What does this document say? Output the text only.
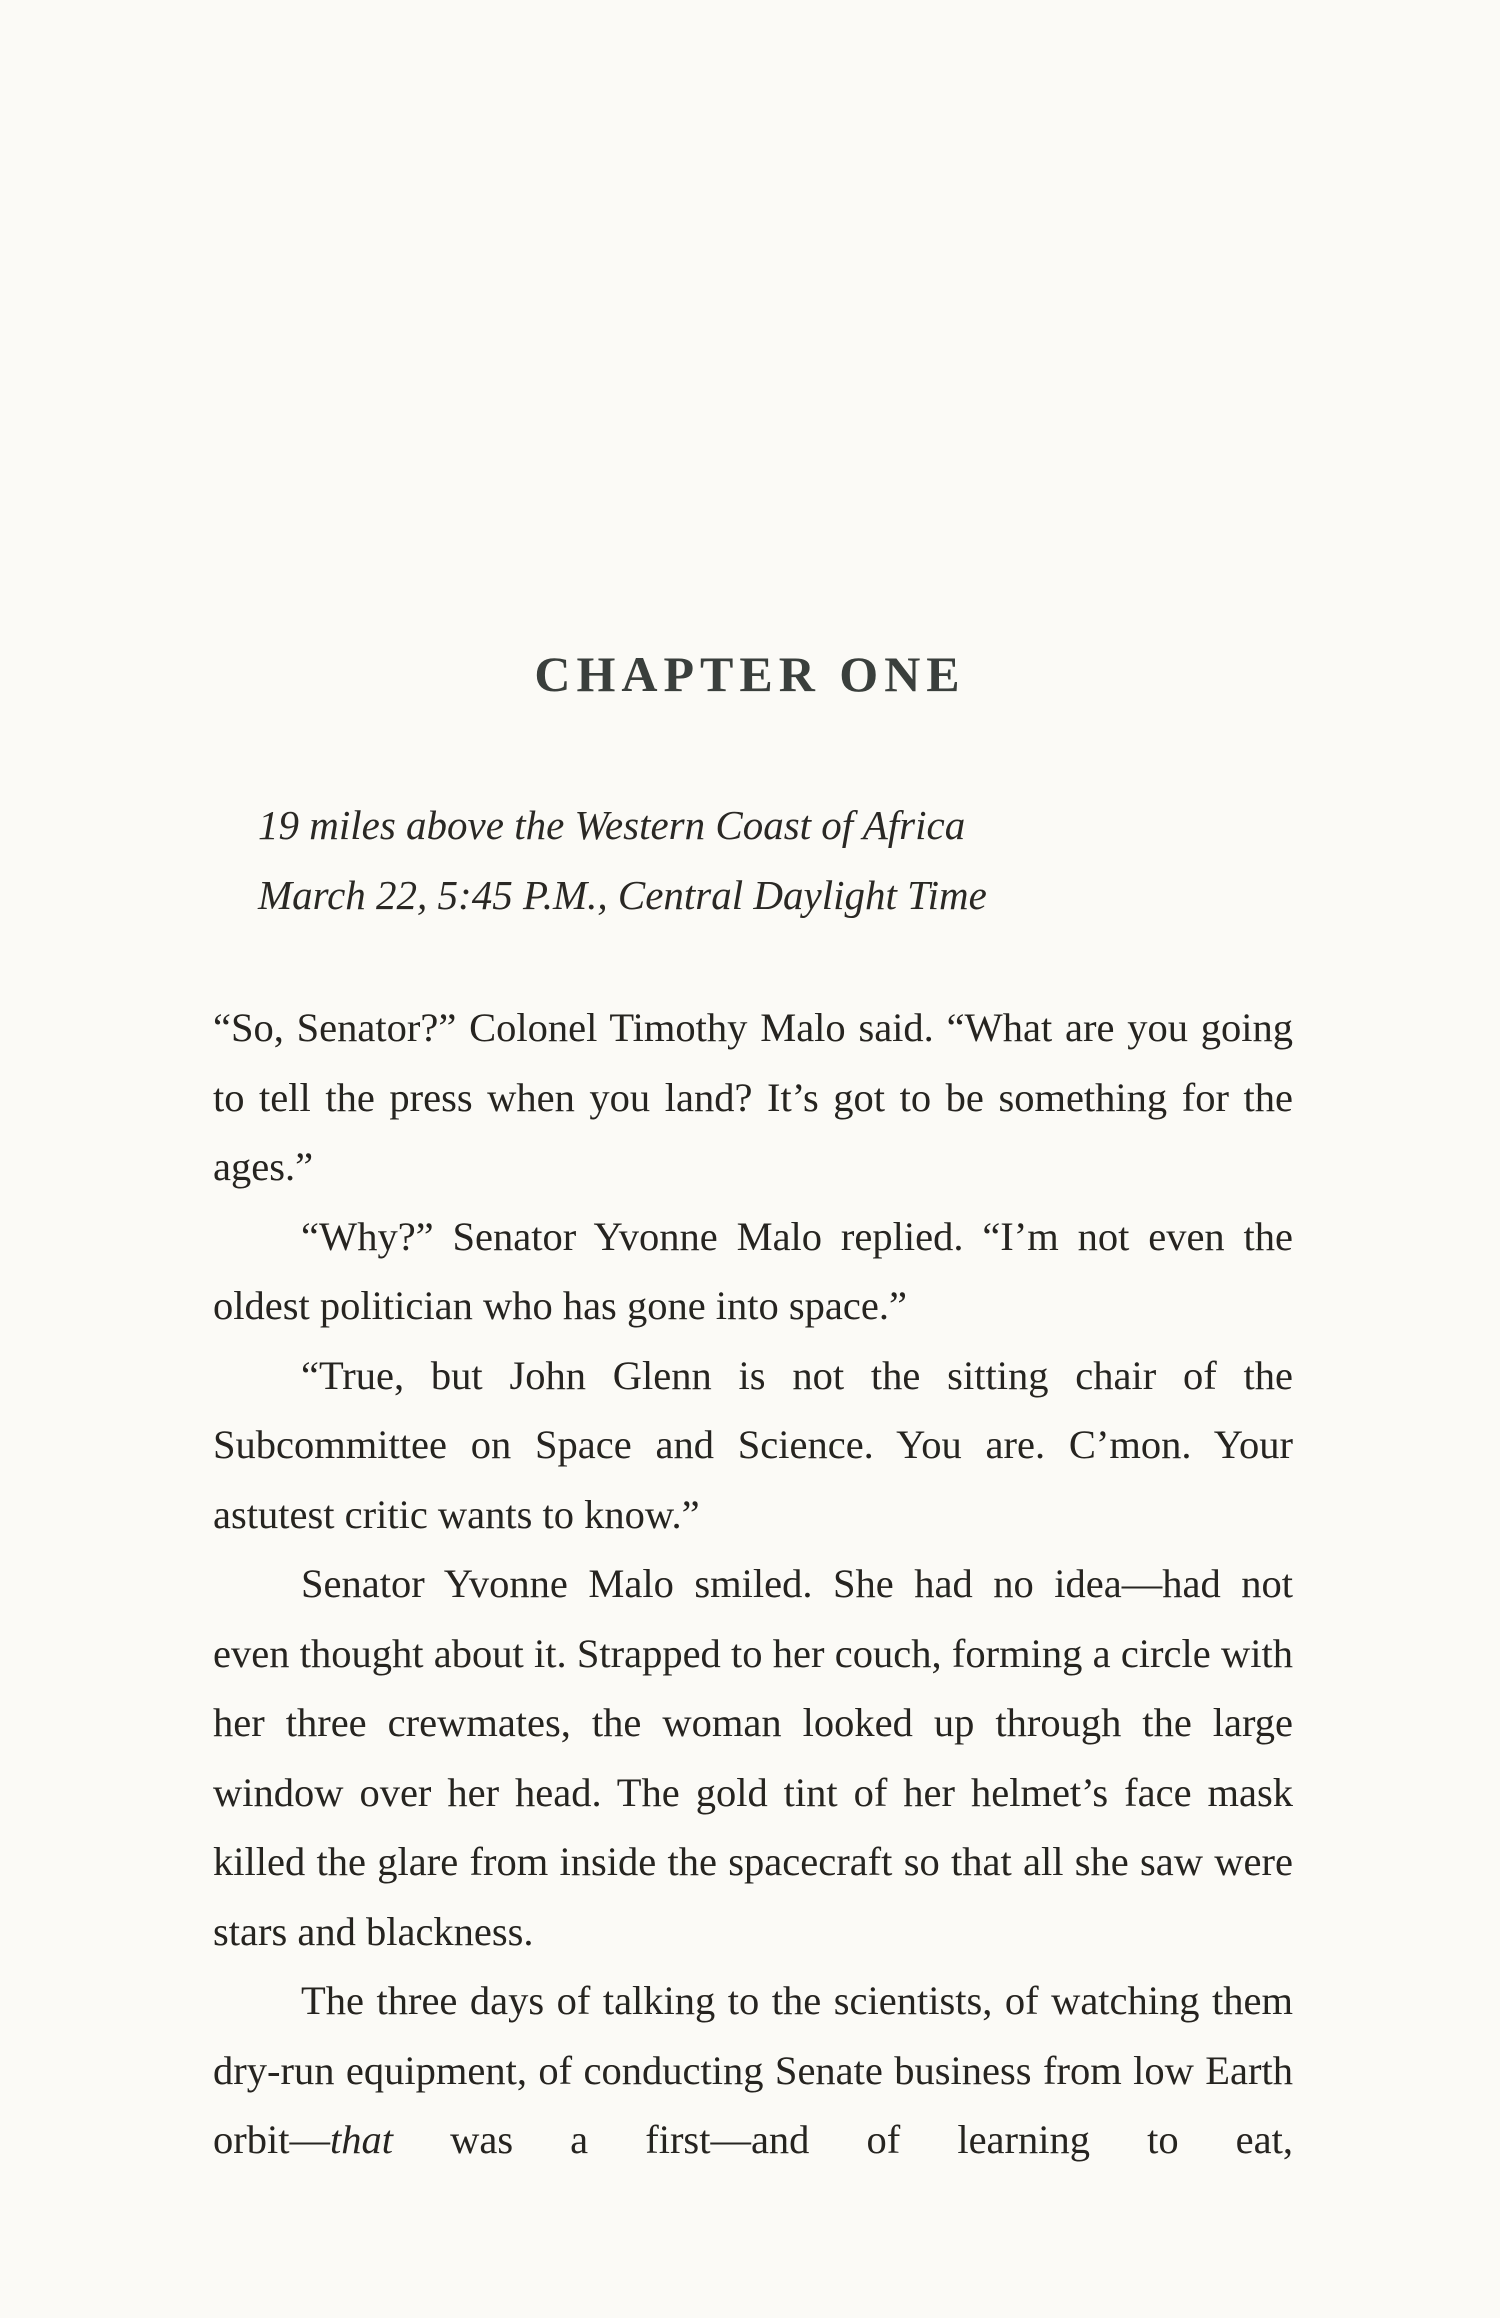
CHAPTER ONE
19 miles above the Western Coast of Africa
March 22, 5:45 P.M., Central Daylight Time

“So, Senator?” Colonel Timothy Malo said. “What are you going to tell the press when you land? It’s got to be something for the ages.”

“Why?” Senator Yvonne Malo replied. “I’m not even the oldest politician who has gone into space.”

“True, but John Glenn is not the sitting chair of the Subcommittee on Space and Science. You are. C’mon. Your astutest critic wants to know.”

Senator Yvonne Malo smiled. She had no idea—had not even thought about it. Strapped to her couch, forming a circle with her three crewmates, the woman looked up through the large window over her head. The gold tint of her helmet’s face mask killed the glare from inside the spacecraft so that all she saw were stars and blackness.

The three days of talking to the scientists, of watching them dry-run equipment, of conducting Senate business from low Earth orbit—that was a first—and of learning to eat,
